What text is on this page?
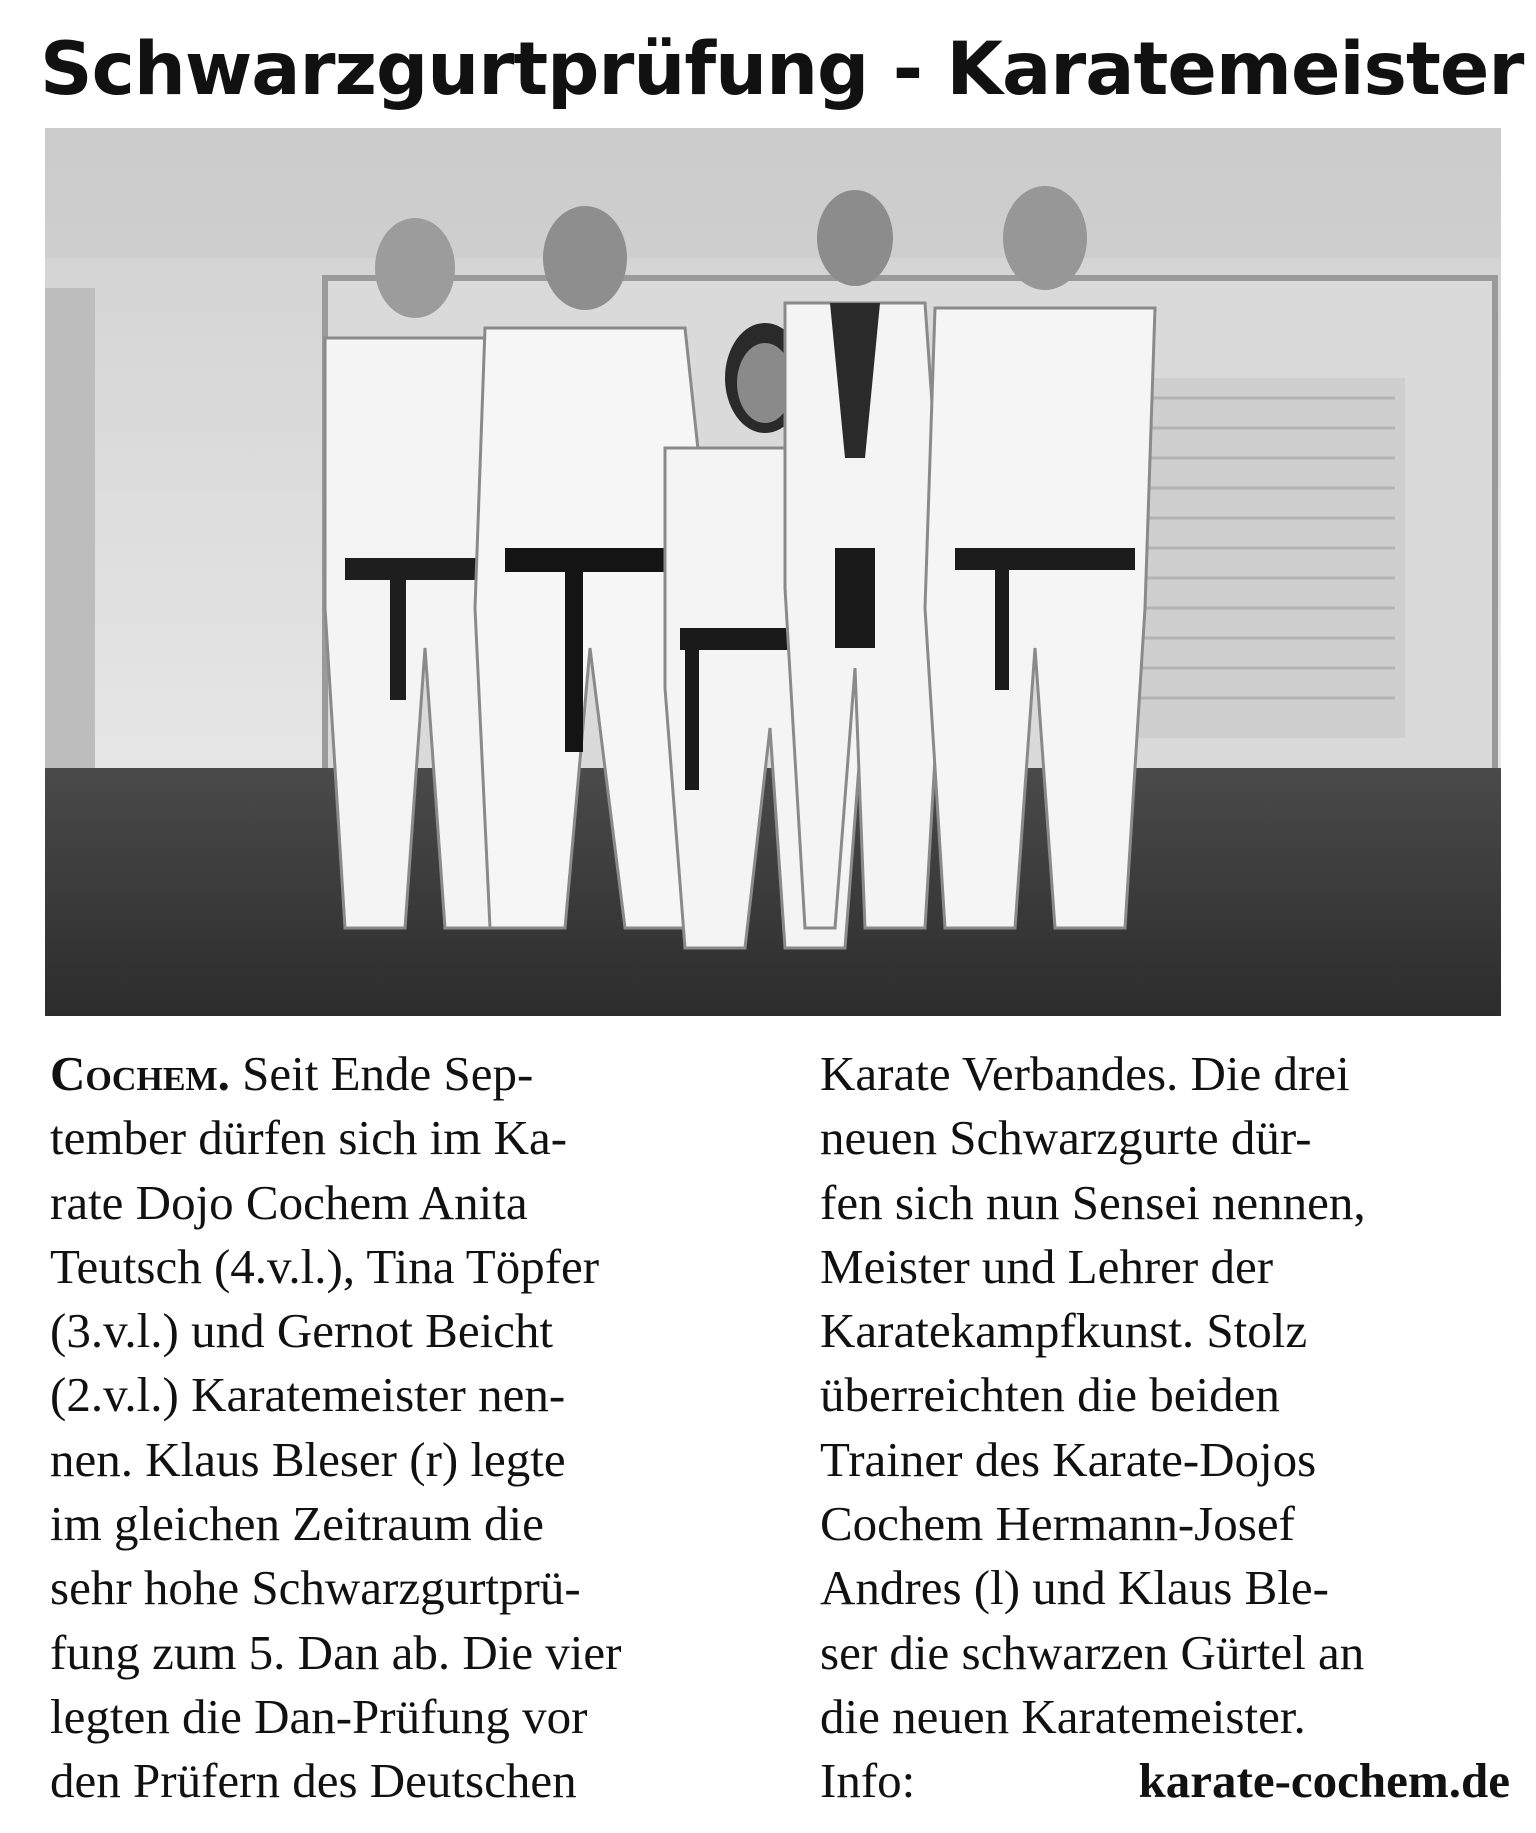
Schwarzgurtprüfung - Karatemeister
Cochem. Seit Ende Sep-
tember dürfen sich im Ka-
rate Dojo Cochem Anita
Teutsch (4.v.l.), Tina Töpfer
(3.v.l.) und Gernot Beicht
(2.v.l.) Karatemeister nen-
nen. Klaus Bleser (r) legte
im gleichen Zeitraum die
sehr hohe Schwarzgurtprü-
fung zum 5. Dan ab. Die vier
legten die Dan-Prüfung vor
den Prüfern des Deutschen
Karate Verbandes. Die drei
neuen Schwarzgurte dür-
fen sich nun Sensei nennen,
Meister und Lehrer der
Karatekampfkunst. Stolz
überreichten die beiden
Trainer des Karate-Dojos
Cochem Hermann-Josef
Andres (l) und Klaus Ble-
ser die schwarzen Gürtel an
die neuen Karatemeister.
Info: karate-cochem.de
